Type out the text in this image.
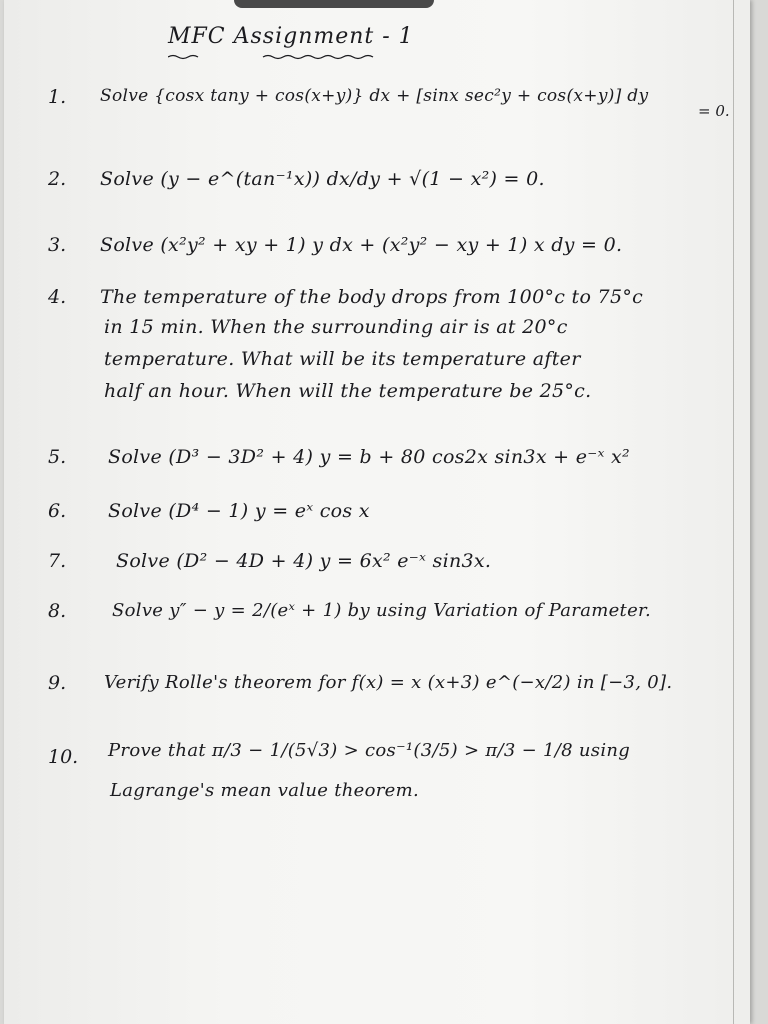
MFC Assignment - 1
1. Solve {cosx tany + cos(x+y)} dx + [sinx sec²y + cos(x+y)] dy
= 0.
2. Solve (y − e^(tan⁻¹x)) dx/dy + √(1 − x²) = 0.
3. Solve (x²y² + xy + 1) y dx + (x²y² − xy + 1) x dy = 0.
4. The temperature of the body drops from 100°c to 75°c
in 15 min. When the surrounding air is at 20°c
temperature. What will be its temperature after
half an hour. When will the temperature be 25°c.
5. Solve (D³ − 3D² + 4) y = b + 80 cos2x sin3x + e⁻ˣ x²
6. Solve (D⁴ − 1) y = eˣ cos x
7.	Solve (D² − 4D + 4) y = 6x² e⁻ˣ sin3x.
8.	Solve y″ − y = 2/(eˣ + 1) by using Variation of Parameter.
9. Verify Rolle's theorem for f(x) = x (x+3) e^(−x/2) in [−3, 0].
10. Prove that π/3 − 1/(5√3) > cos⁻¹(3/5) > π/3 − 1/8 using
Lagrange's mean value theorem.
